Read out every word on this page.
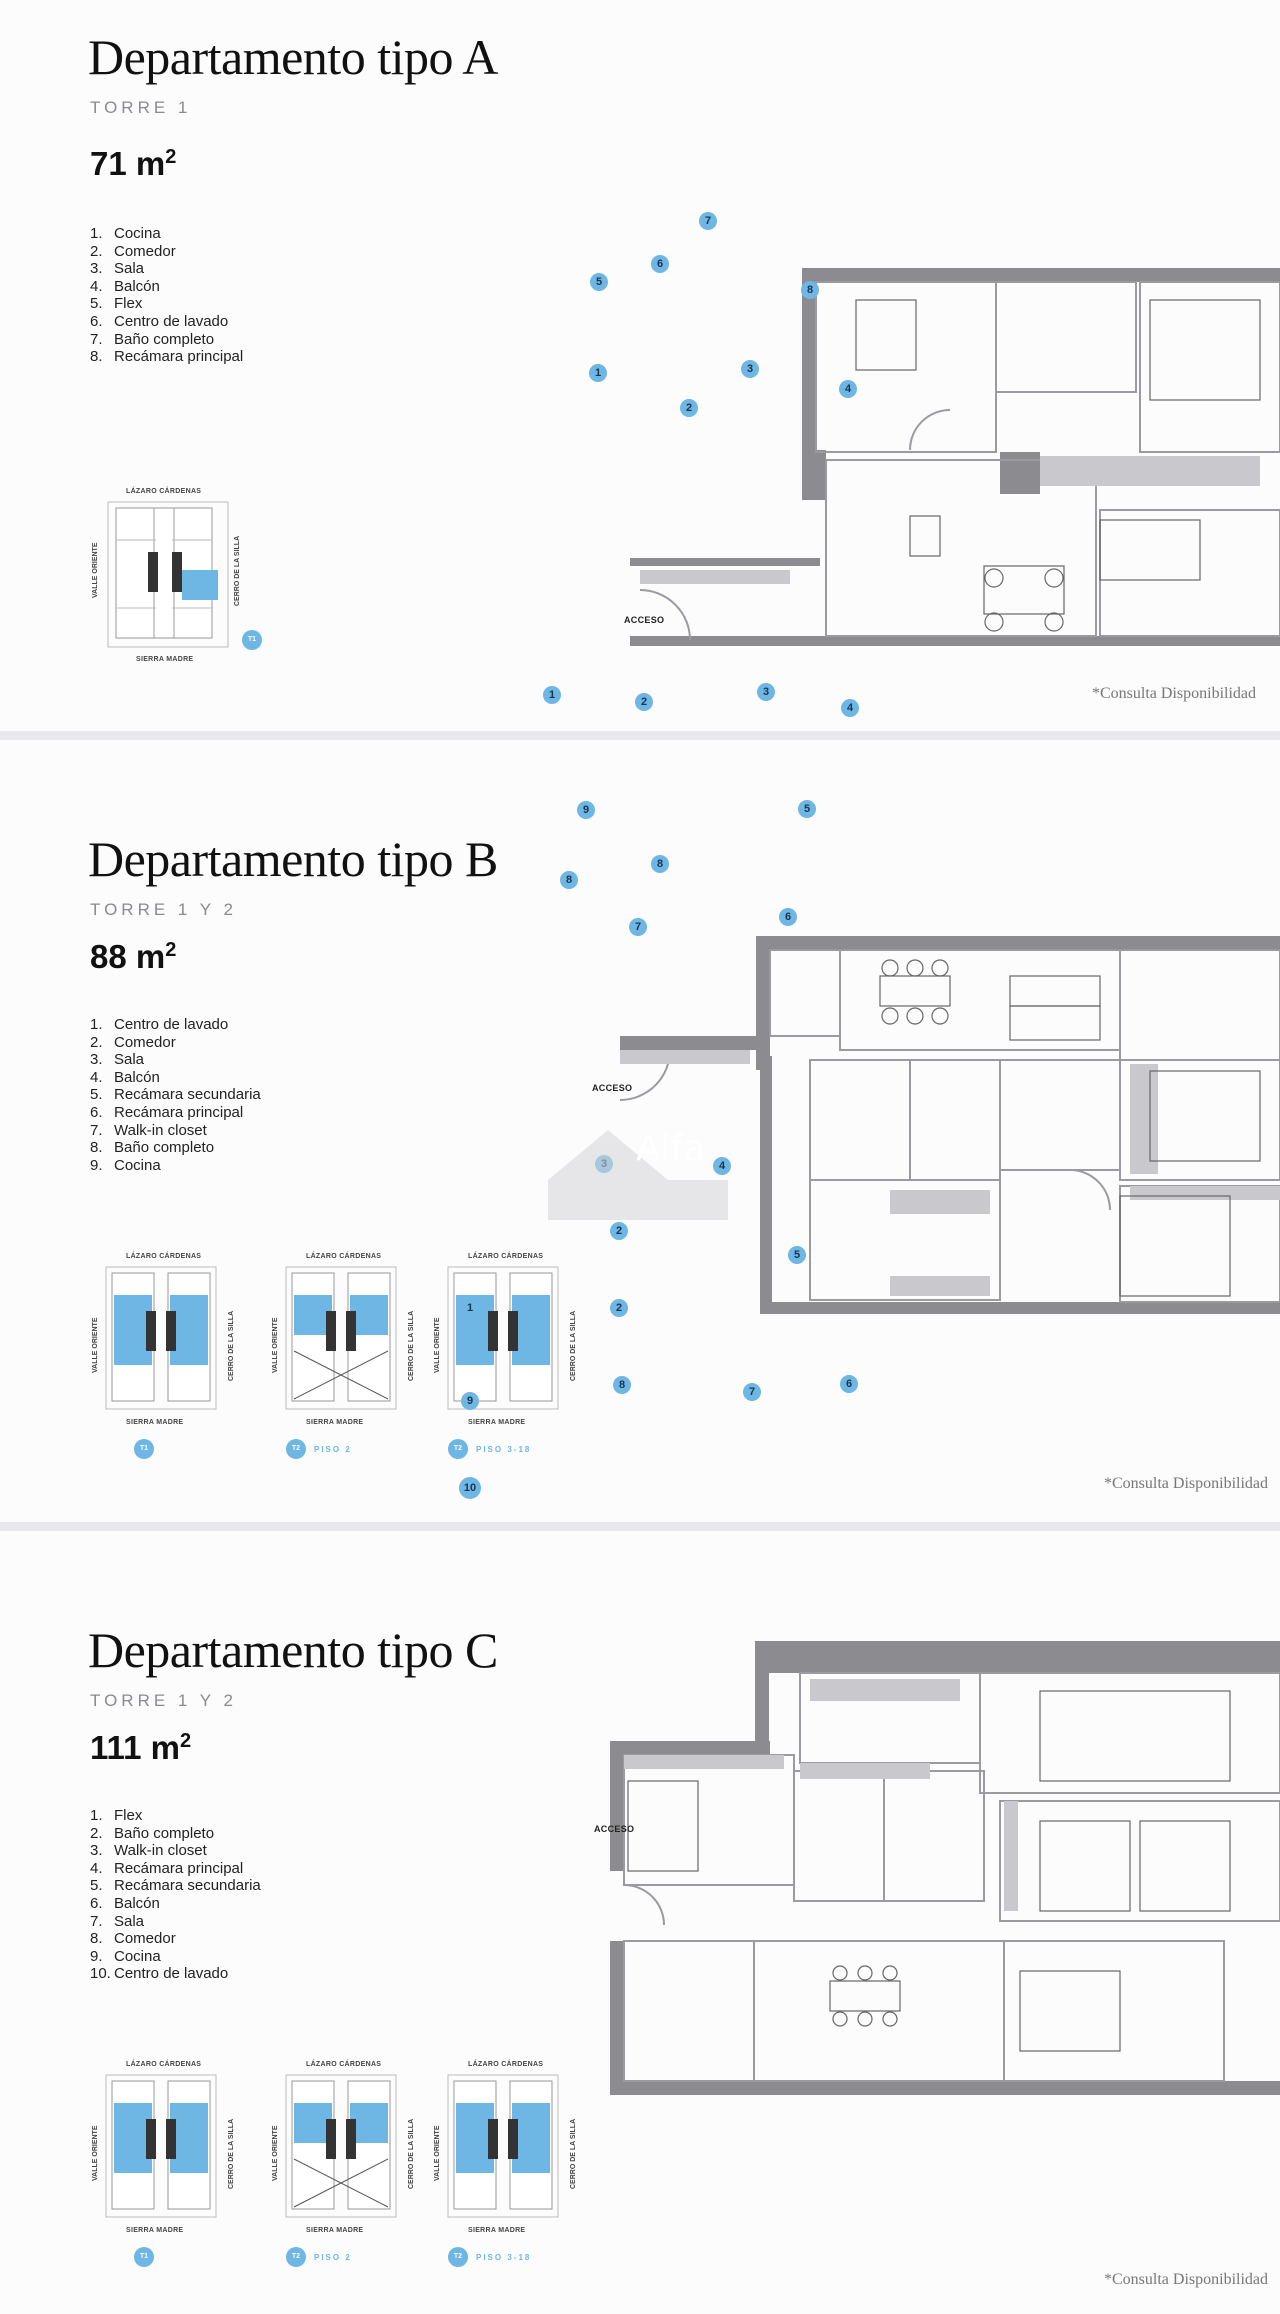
Departamento tipo A
TORRE 1
71 $m^2$
1. Cocina
2. Comedor
3. Sala
4. Balcón
5. Flex
6. Centro de lavado
7. Baño completo
8. Recámara principal
LÁZARO CÁRDENAS
VALLE ORIENTE	CERRO DE LA SILLA
SIERRA MADRE
T1
ACCESO
*Consulta Disponibilidad
1
2
3
4
5
6
7
8
Departamento tipo B
TORRE 1 Y 2
88 $m^2$
1. Centro de lavado
2. Comedor
3. Sala
4. Balcón
5. Recámara secundaria
6. Recámara principal
7. Walk-in closet
8. Baño completo
9. Cocina
ACCESO
*Consulta Disponibilidad
1
2
3
4
5
6
7
8
8
9
LÁZARO CÁRDENAS
VALLE ORIENTE	CERRO DE LA SILLA
SIERRA MADRE
T1
LÁZARO CÁRDENAS
VALLE ORIENTE	CERRO DE LA SILLA
SIERRA MADRE
T2	PISO 2
LÁZARO CÁRDENAS
VALLE ORIENTE	CERRO DE LA SILLA
SIERRA MADRE
T2	PISO 3-18
Departamento tipo C
TORRE 1 Y 2
111 $m^2$
1. Flex
2. Baño completo
3. Walk-in closet
4. Recámara principal
5. Recámara secundaria
6. Balcón
7. Sala
8. Comedor
9. Cocina
10. Centro de lavado
ACCESO
*Consulta Disponibilidad
1
2
2
4
5
6
7
8
9
10
LÁZARO CÁRDENAS
VALLE ORIENTE	CERRO DE LA SILLA
SIERRA MADRE
T1
LÁZARO CÁRDENAS
VALLE ORIENTE	CERRO DE LA SILLA
SIERRA MADRE
T2	PISO 2
LÁZARO CÁRDENAS
VALLE ORIENTE	CERRO DE LA SILLA
SIERRA MADRE
T2	PISO 3-18
Alfa
